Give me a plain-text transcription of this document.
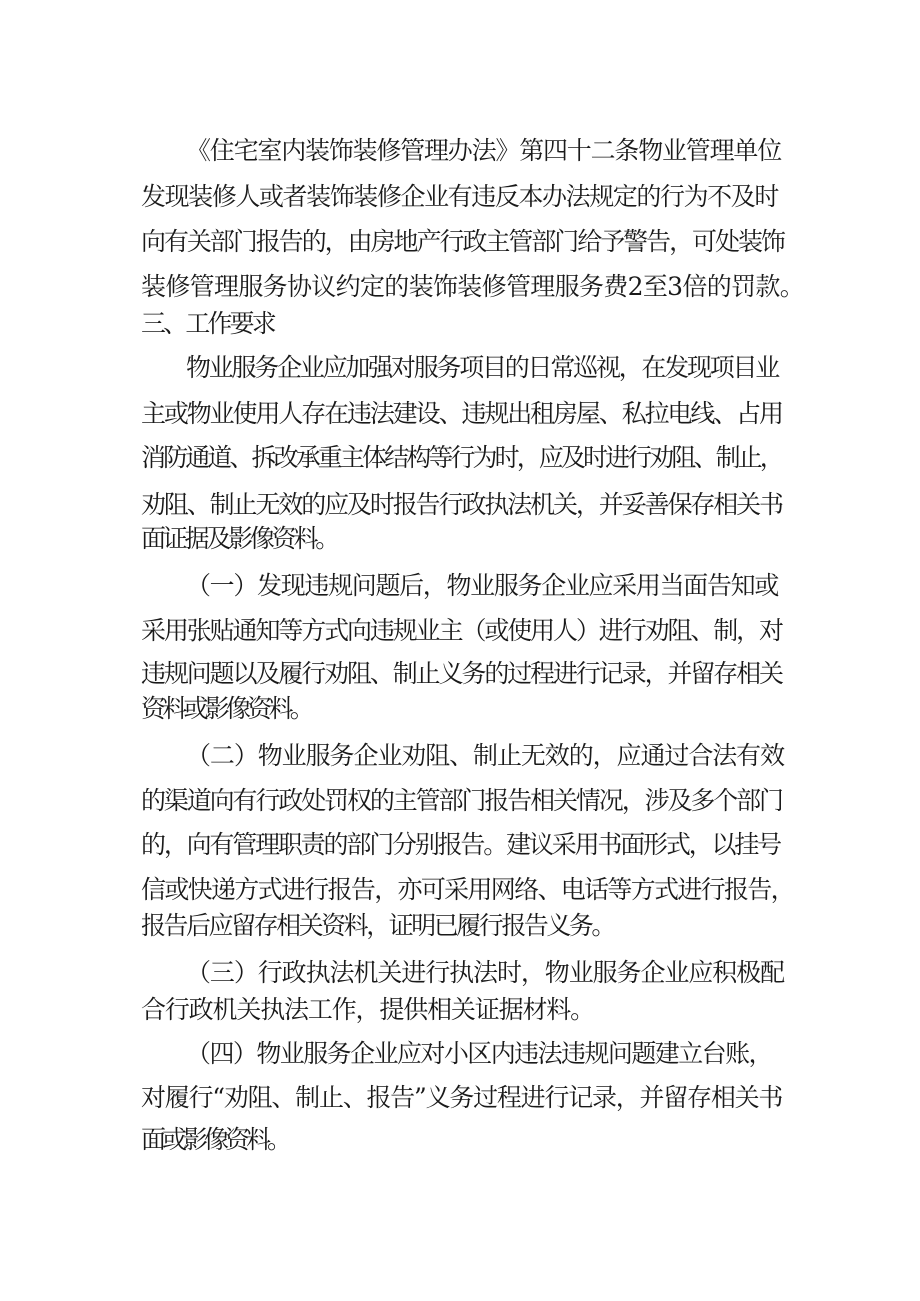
《住宅室内装饰装修管理办法》第四十二条物业管理单位
发现装修人或者装饰装修企业有违反本办法规定的行为不及时
向有关部门报告的，由房地产行政主管部门给予警告，可处装饰
装修管理服务协议约定的装饰装修管理服务费2至3倍的罚款。
三、工作要求
物业服务企业应加强对服务项目的日常巡视，在发现项目业
主或物业使用人存在违法建设、违规出租房屋、私拉电线、占用
消防通道、拆改承重主体结构等行为时，应及时进行劝阻、制止，
劝阻、制止无效的应及时报告行政执法机关，并妥善保存相关书
面证据及影像资料。
（一）发现违规问题后，物业服务企业应采用当面告知或
采用张贴通知等方式向违规业主（或使用人）进行劝阻、制，对
违规问题以及履行劝阻、制止义务的过程进行记录，并留存相关
资料或影像资料。
（二）物业服务企业劝阻、制止无效的，应通过合法有效
的渠道向有行政处罚权的主管部门报告相关情况，涉及多个部门
的，向有管理职责的部门分别报告。建议采用书面形式，以挂号
信或快递方式进行报告，亦可采用网络、电话等方式进行报告，
报告后应留存相关资料，证明已履行报告义务。
（三）行政执法机关进行执法时，物业服务企业应积极配
合行政机关执法工作，提供相关证据材料。
（四）物业服务企业应对小区内违法违规问题建立台账，
对履行“劝阻、制止、报告”义务过程进行记录，并留存相关书
面或影像资料。
